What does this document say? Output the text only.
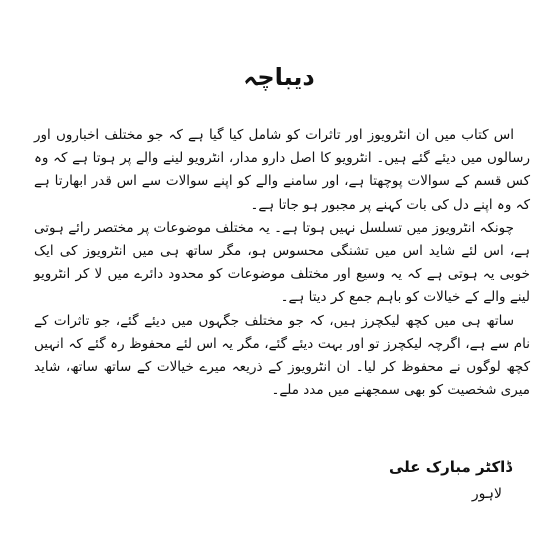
دیباچہ

اس کتاب میں ان انٹرویوز اور تاثرات کو شامل کیا گیا ہے کہ جو مختلف اخباروں اور رسالوں میں دیئے گئے ہیں۔ انٹرویو کا اصل دارو مدار، انٹرویو لینے والے پر ہوتا ہے کہ وہ کس قسم کے سوالات پوچھتا ہے، اور سامنے والے کو اپنے سوالات سے اس قدر ابھارتا ہے کہ وہ اپنے دل کی بات کہنے پر مجبور ہو جاتا ہے۔

چونکہ انٹرویوز میں تسلسل نہیں ہوتا ہے۔ یہ مختلف موضوعات پر مختصر رائے ہوتی ہے، اس لئے شاید اس میں تشنگی محسوس ہو، مگر ساتھ ہی میں انٹرویوز کی ایک خوبی یہ ہوتی ہے کہ یہ وسیع اور مختلف موضوعات کو محدود دائرے میں لا کر انٹرویو لینے والے کے خیالات کو باہم جمع کر دیتا ہے۔

ساتھ ہی میں کچھ لیکچرز ہیں، کہ جو مختلف جگہوں میں دیئے گئے، جو تاثرات کے نام سے ہے، اگرچہ لیکچرز تو اور بہت دیئے گئے، مگر یہ اس لئے محفوظ رہ گئے کہ انہیں کچھ لوگوں نے محفوظ کر لیا۔ ان انٹرویوز کے ذریعہ میرے خیالات کے ساتھ ساتھ، شاید میری شخصیت کو بھی سمجھنے میں مدد ملے۔

ڈاکٹر مبارک علی
لاہور
